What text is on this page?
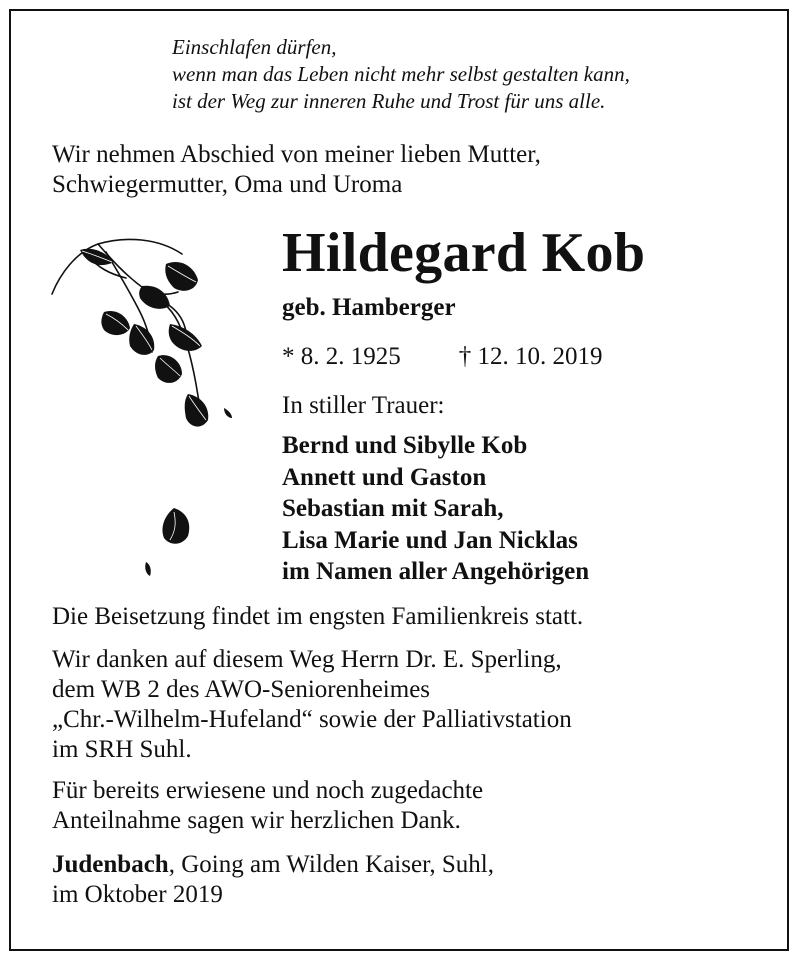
Einschlafen dürfen,
wenn man das Leben nicht mehr selbst gestalten kann,
ist der Weg zur inneren Ruhe und Trost für uns alle.
Wir nehmen Abschied von meiner lieben Mutter,
Schwiegermutter, Oma und Uroma
Hildegard Kob
geb. Hamberger
* 8. 2. 1925 † 12. 10. 2019
In stiller Trauer:
Bernd und Sibylle Kob
Annett und Gaston
Sebastian mit Sarah,
Lisa Marie und Jan Nicklas
im Namen aller Angehörigen
Die Beisetzung findet im engsten Familienkreis statt.
Wir danken auf diesem Weg Herrn Dr. E. Sperling,
dem WB 2 des AWO-Seniorenheimes
„Chr.-Wilhelm-Hufeland“ sowie der Palliativstation
im SRH Suhl.
Für bereits erwiesene und noch zugedachte
Anteilnahme sagen wir herzlichen Dank.
Judenbach, Going am Wilden Kaiser, Suhl,
im Oktober 2019
